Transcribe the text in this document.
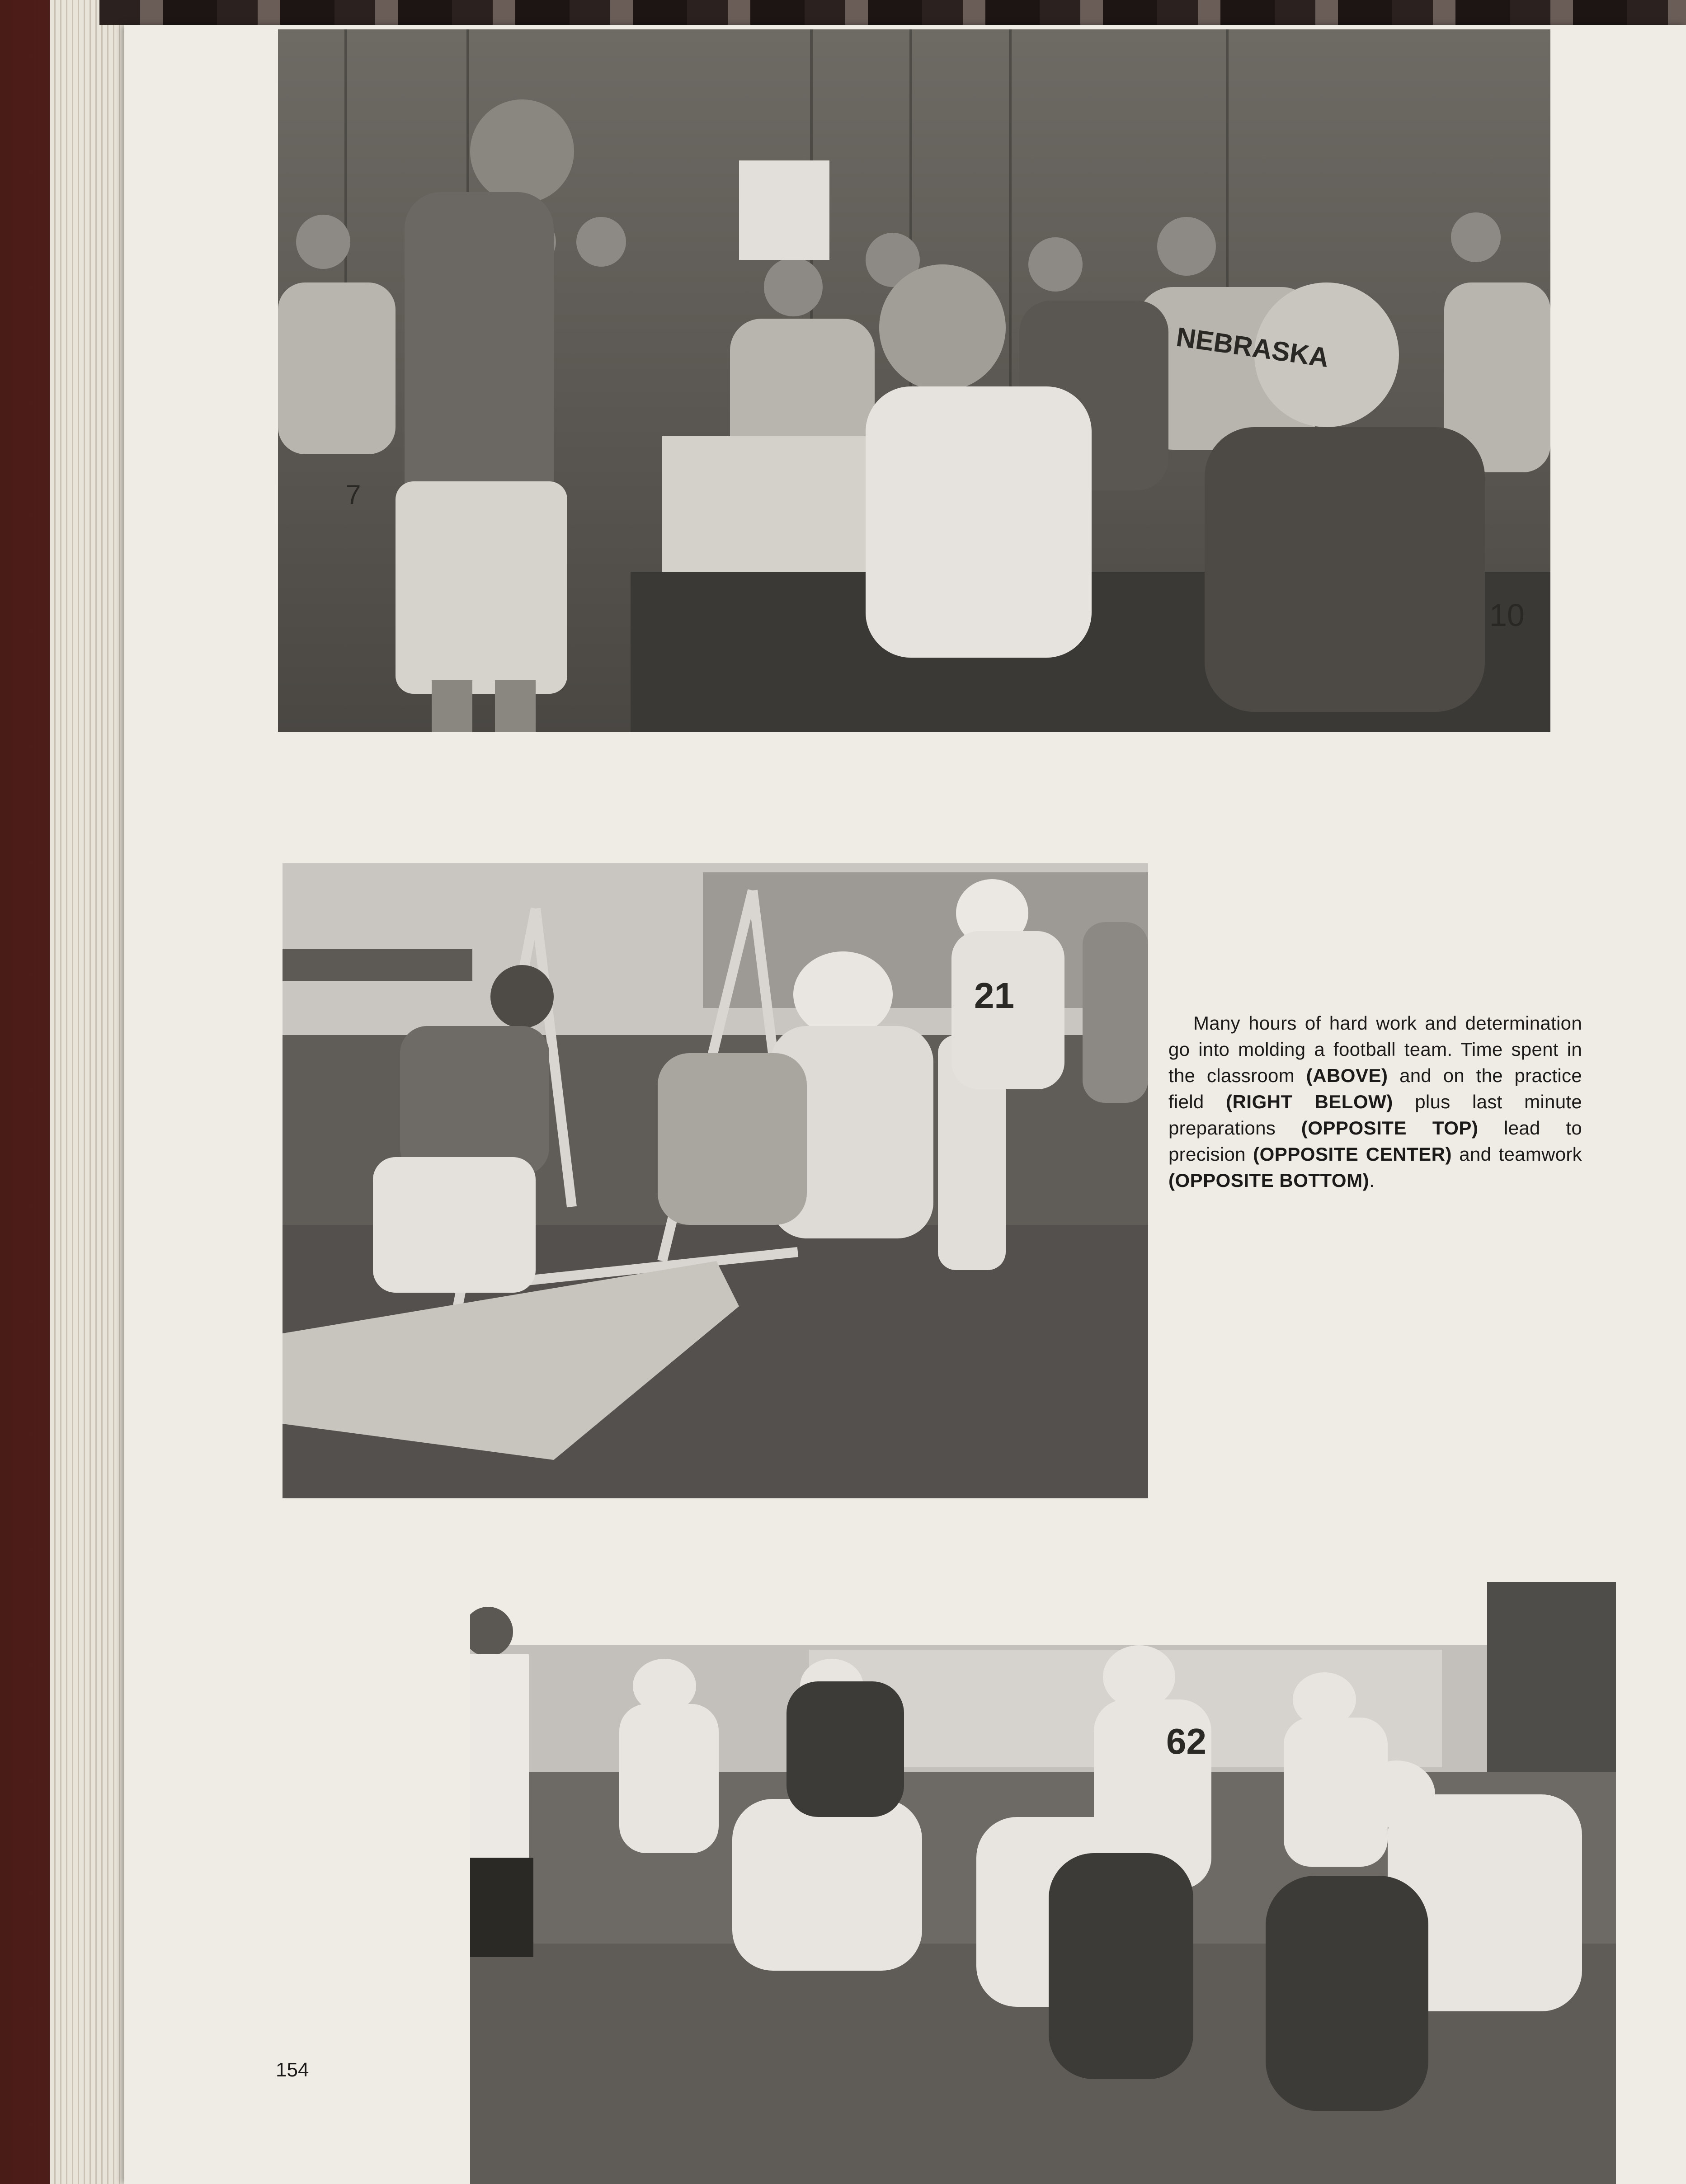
10
7
NEBRASKA
21
62
Many hours of hard work and determination go into molding a football team. Time spent in the classroom (ABOVE) and on the practice field (RIGHT BELOW) plus last minute preparations (OPPOSITE TOP) lead to precision (OPPOSITE CENTER) and teamwork (OPPOSITE BOTTOM).
154
